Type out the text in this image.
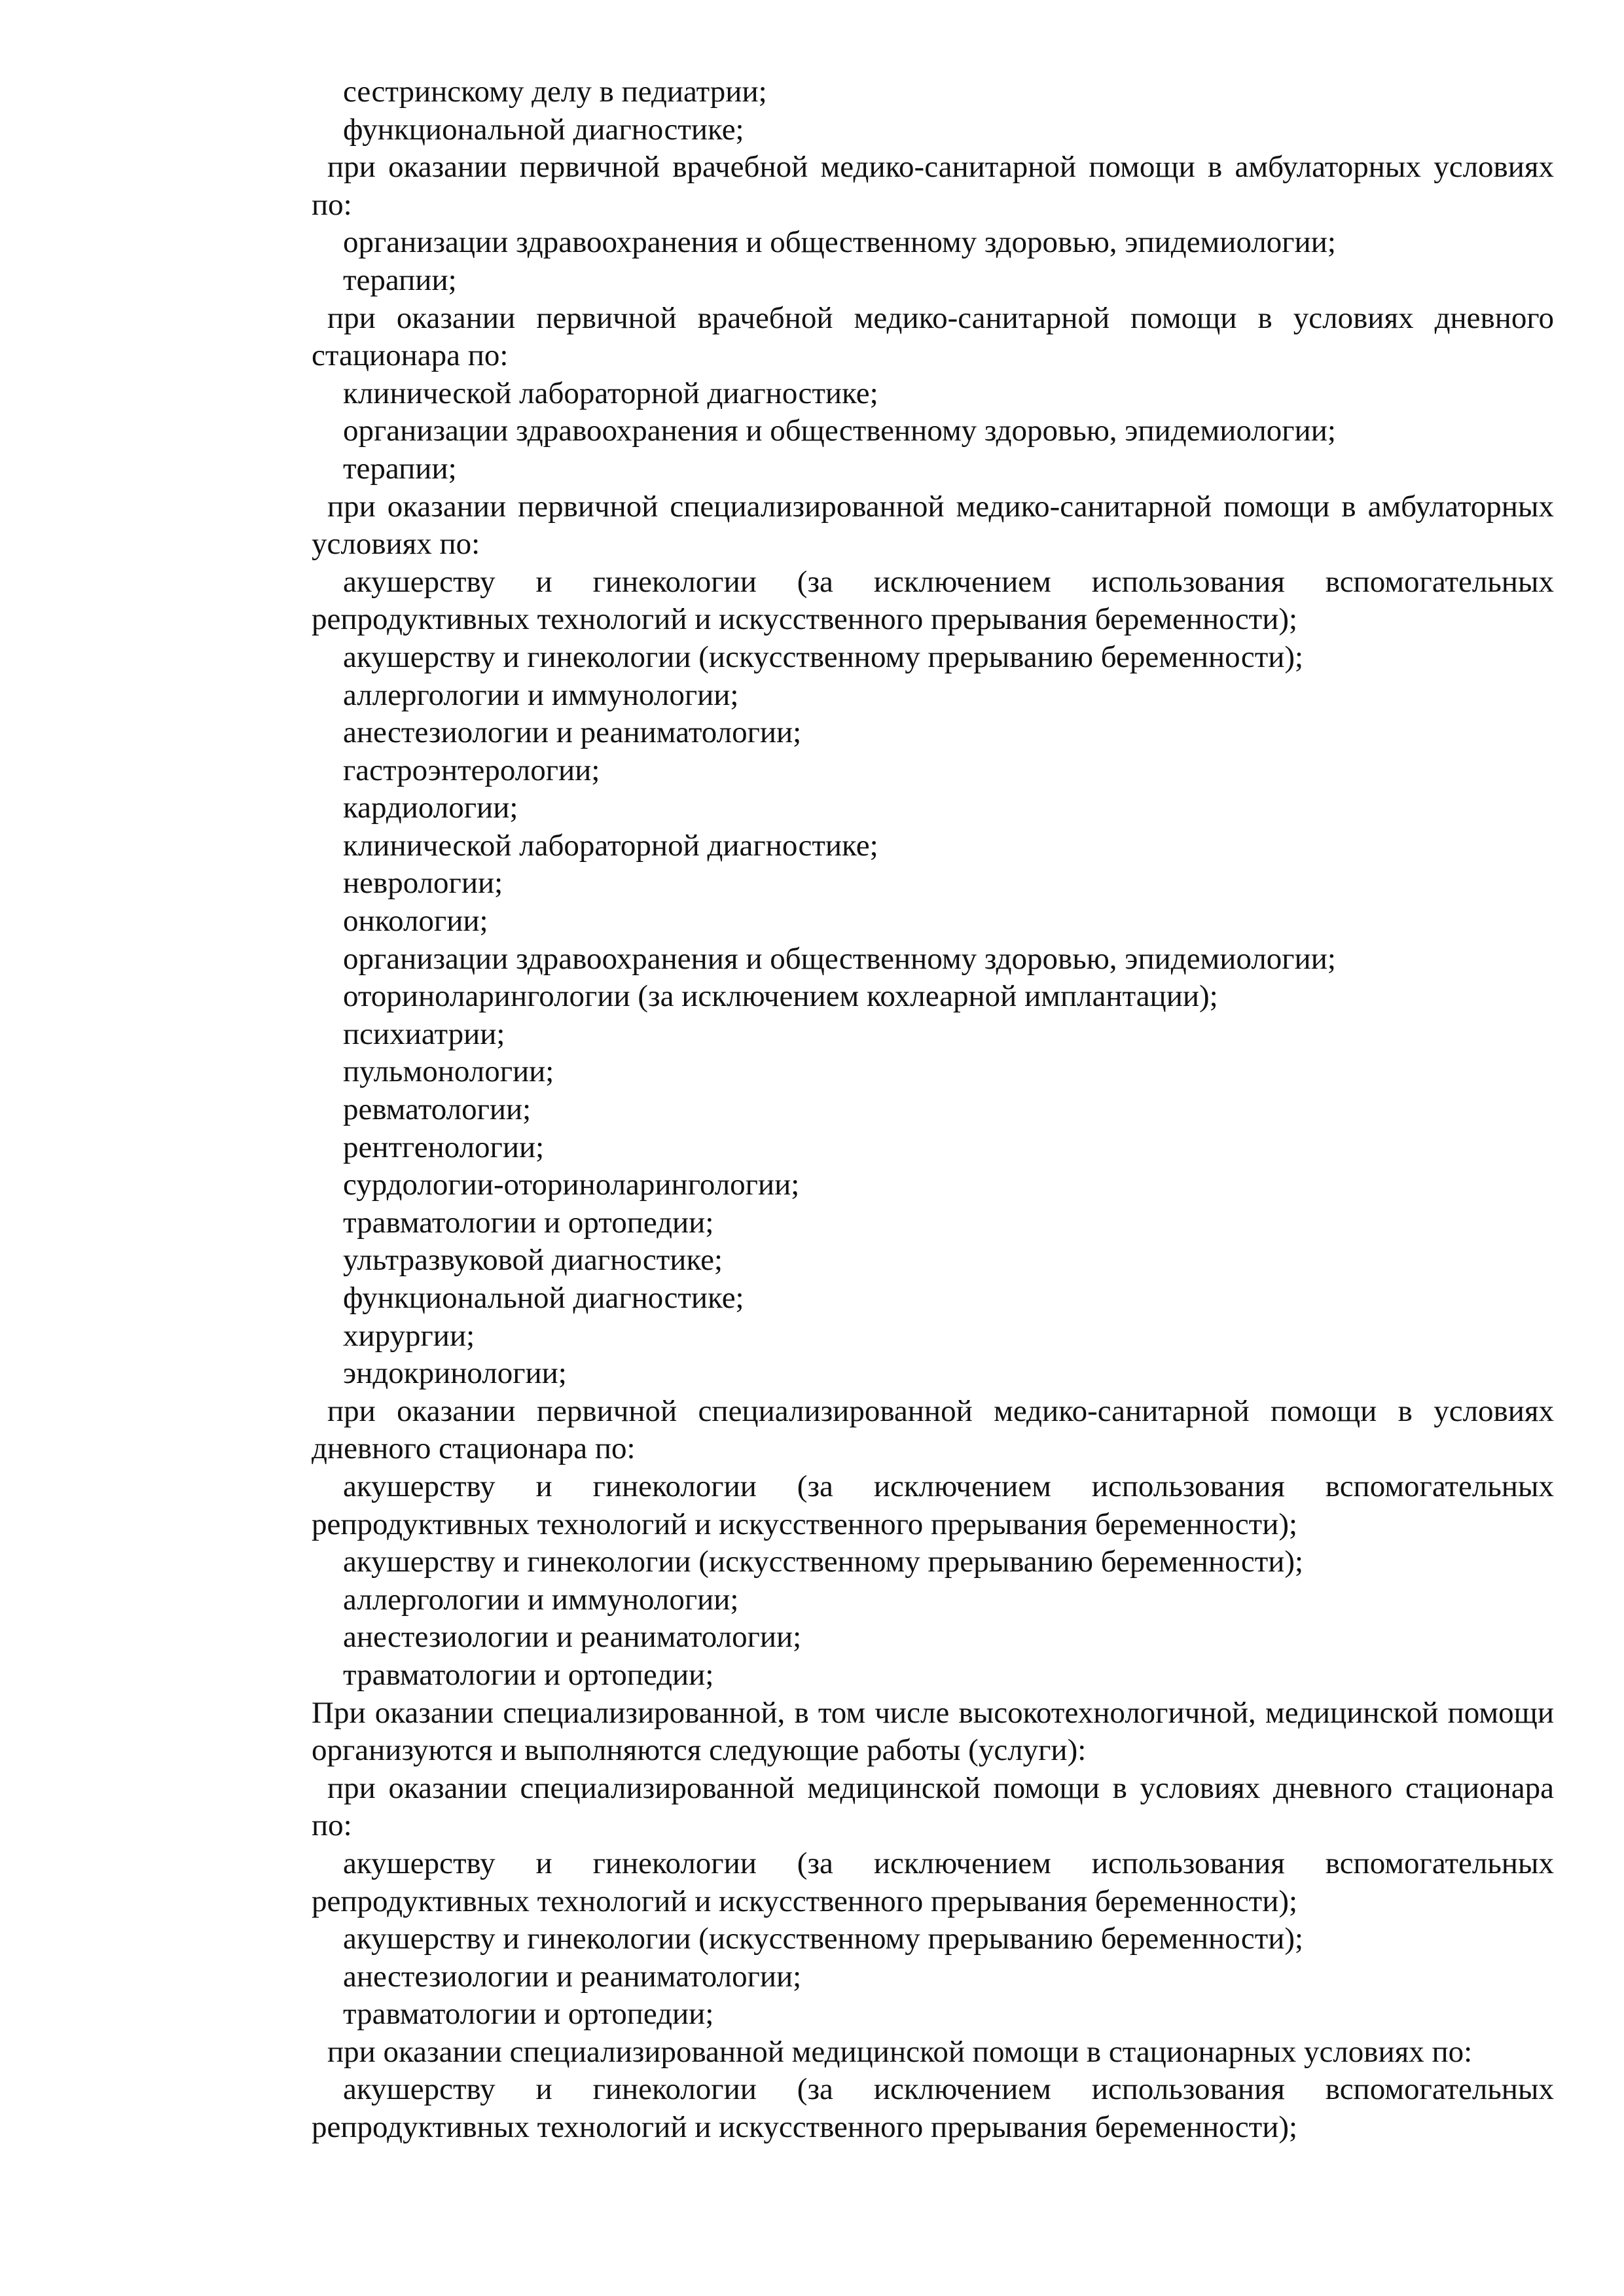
сестринскому делу в педиатрии;

функциональной диагностике;

при оказании первичной врачебной медико-санитарной помощи в амбулаторных условиях по:

организации здравоохранения и общественному здоровью, эпидемиологии;

терапии;

при оказании первичной врачебной медико-санитарной помощи в условиях дневного стационара по:

клинической лабораторной диагностике;

организации здравоохранения и общественному здоровью, эпидемиологии;

терапии;

при оказании первичной специализированной медико-санитарной помощи в амбулаторных условиях по:

акушерству и гинекологии (за исключением использования вспомогательных репродуктивных технологий и искусственного прерывания беременности);

акушерству и гинекологии (искусственному прерыванию беременности);

аллергологии и иммунологии;

анестезиологии и реаниматологии;

гастроэнтерологии;

кардиологии;

клинической лабораторной диагностике;

неврологии;

онкологии;

организации здравоохранения и общественному здоровью, эпидемиологии;

оториноларингологии (за исключением кохлеарной имплантации);

психиатрии;

пульмонологии;

ревматологии;

рентгенологии;

сурдологии-оториноларингологии;

травматологии и ортопедии;

ультразвуковой диагностике;

функциональной диагностике;

хирургии;

эндокринологии;

при оказании первичной специализированной медико-санитарной помощи в условиях дневного стационара по:

акушерству и гинекологии (за исключением использования вспомогательных репродуктивных технологий и искусственного прерывания беременности);

акушерству и гинекологии (искусственному прерыванию беременности);

аллергологии и иммунологии;

анестезиологии и реаниматологии;

травматологии и ортопедии;

При оказании специализированной, в том числе высокотехнологичной, медицинской помощи организуются и выполняются следующие работы (услуги):

при оказании специализированной медицинской помощи в условиях дневного стационара по:

акушерству и гинекологии (за исключением использования вспомогательных репродуктивных технологий и искусственного прерывания беременности);

акушерству и гинекологии (искусственному прерыванию беременности);

анестезиологии и реаниматологии;

травматологии и ортопедии;

при оказании специализированной медицинской помощи в стационарных условиях по:

акушерству и гинекологии (за исключением использования вспомогательных репродуктивных технологий и искусственного прерывания беременности);
